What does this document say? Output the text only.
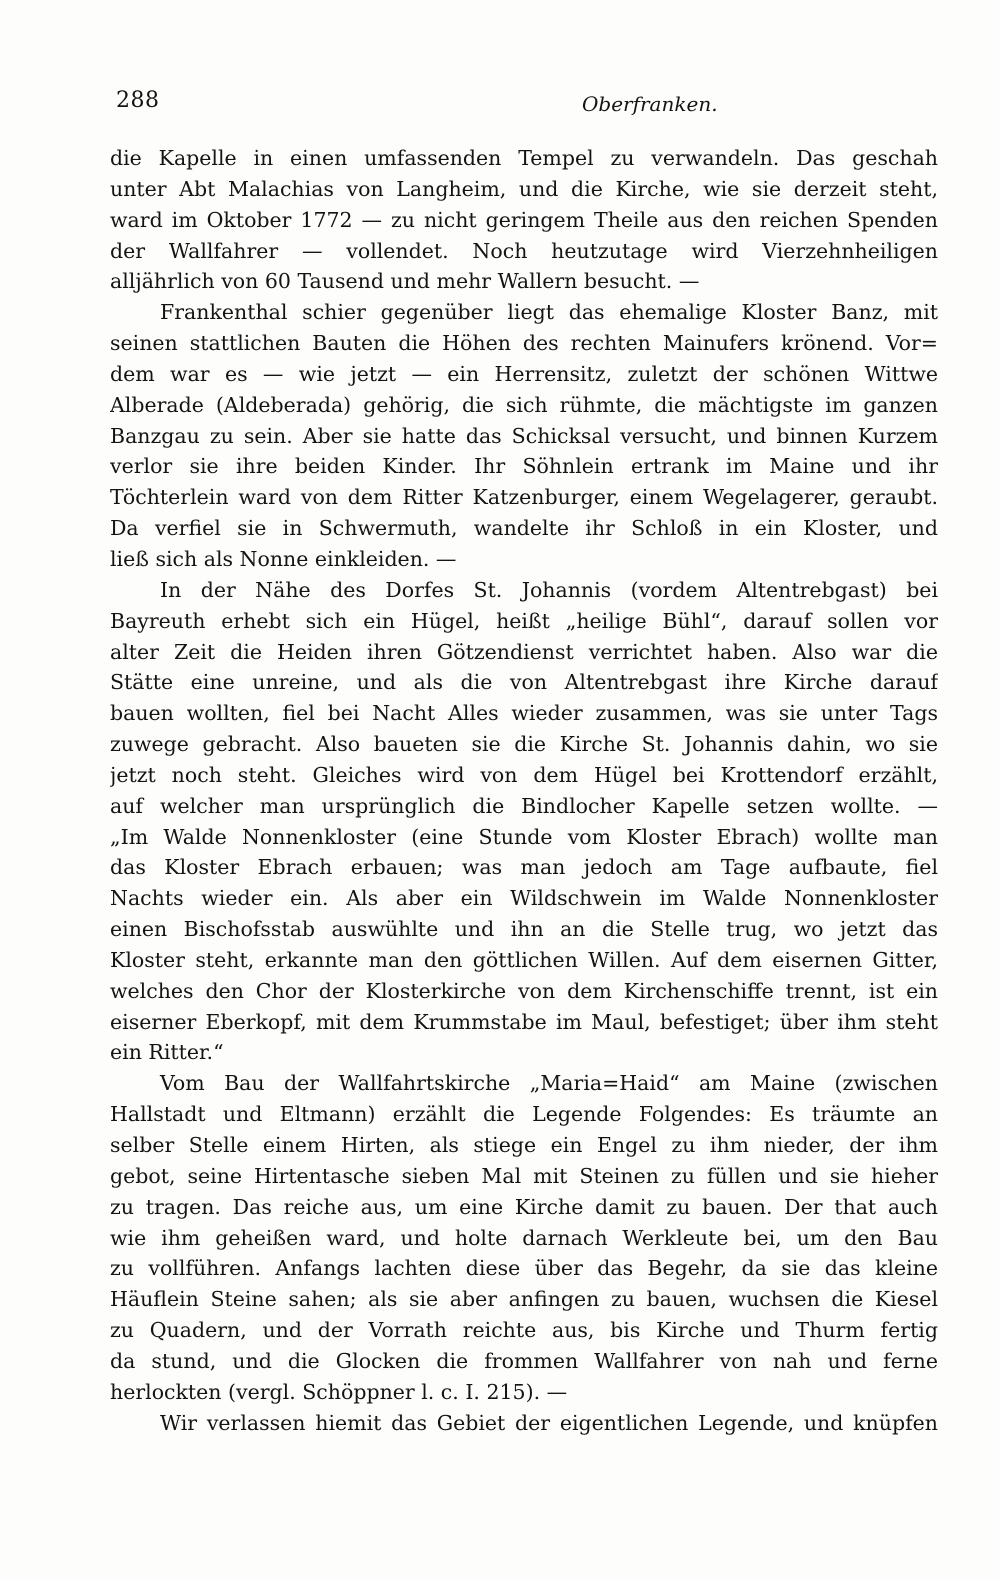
288	Oberfranken.
die Kapelle in einen umfassenden Tempel zu verwandeln. Das geschah
unter Abt Malachias von Langheim, und die Kirche, wie sie derzeit steht,
ward im Oktober 1772 — zu nicht geringem Theile aus den reichen Spenden
der Wallfahrer — vollendet. Noch heutzutage wird Vierzehnheiligen
alljährlich von 60 Tausend und mehr Wallern besucht. —
Frankenthal schier gegenüber liegt das ehemalige Kloster Banz, mit
seinen stattlichen Bauten die Höhen des rechten Mainufers krönend. Vor=
dem war es — wie jetzt — ein Herrensitz, zuletzt der schönen Wittwe
Alberade (Aldeberada) gehörig, die sich rühmte, die mächtigste im ganzen
Banzgau zu sein. Aber sie hatte das Schicksal versucht, und binnen Kurzem
verlor sie ihre beiden Kinder. Ihr Söhnlein ertrank im Maine und ihr
Töchterlein ward von dem Ritter Katzenburger, einem Wegelagerer, geraubt.
Da verfiel sie in Schwermuth, wandelte ihr Schloß in ein Kloster, und
ließ sich als Nonne einkleiden. —
In der Nähe des Dorfes St. Johannis (vordem Altentrebgast) bei
Bayreuth erhebt sich ein Hügel, heißt „heilige Bühl“, darauf sollen vor
alter Zeit die Heiden ihren Götzendienst verrichtet haben. Also war die
Stätte eine unreine, und als die von Altentrebgast ihre Kirche darauf
bauen wollten, fiel bei Nacht Alles wieder zusammen, was sie unter Tags
zuwege gebracht. Also baueten sie die Kirche St. Johannis dahin, wo sie
jetzt noch steht. Gleiches wird von dem Hügel bei Krottendorf erzählt,
auf welcher man ursprünglich die Bindlocher Kapelle setzen wollte. —
„Im Walde Nonnenkloster (eine Stunde vom Kloster Ebrach) wollte man
das Kloster Ebrach erbauen; was man jedoch am Tage aufbaute, fiel
Nachts wieder ein. Als aber ein Wildschwein im Walde Nonnenkloster
einen Bischofsstab auswühlte und ihn an die Stelle trug, wo jetzt das
Kloster steht, erkannte man den göttlichen Willen. Auf dem eisernen Gitter,
welches den Chor der Klosterkirche von dem Kirchenschiffe trennt, ist ein
eiserner Eberkopf, mit dem Krummstabe im Maul, befestiget; über ihm steht
ein Ritter.“
Vom Bau der Wallfahrtskirche „Maria=Haid“ am Maine (zwischen
Hallstadt und Eltmann) erzählt die Legende Folgendes: Es träumte an
selber Stelle einem Hirten, als stiege ein Engel zu ihm nieder, der ihm
gebot, seine Hirtentasche sieben Mal mit Steinen zu füllen und sie hieher
zu tragen. Das reiche aus, um eine Kirche damit zu bauen. Der that auch
wie ihm geheißen ward, und holte darnach Werkleute bei, um den Bau
zu vollführen. Anfangs lachten diese über das Begehr, da sie das kleine
Häuflein Steine sahen; als sie aber anfingen zu bauen, wuchsen die Kiesel
zu Quadern, und der Vorrath reichte aus, bis Kirche und Thurm fertig
da stund, und die Glocken die frommen Wallfahrer von nah und ferne
herlockten (vergl. Schöppner l. c. I. 215). —
Wir verlassen hiemit das Gebiet der eigentlichen Legende, und knüpfen
